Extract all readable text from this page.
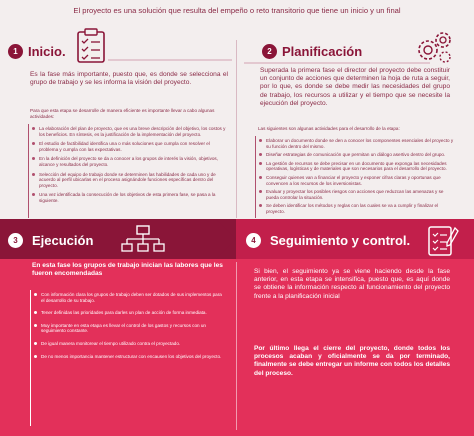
El proyecto es una solución que resulta del empeño o reto transitorio que tiene un inicio y un final
1 Inicio.
Es la fase más importante, puesto que, es donde se selecciona el grupo de trabajo y se les informa la visión del proyecto.
Para que esta etapa se desarrolle de manera eficiente es importante llevar a cabo algunas actividades:
La elaboración del plan de proyecto, que es una breve descripción del objetivo, los costos y los beneficios. En síntesis, es la justificación de la implementación del proyecto.
El estudio de factibilidad identifica una o más soluciones que cumpla con resolver el problema y cumpla con las expectativas.
En la definición del proyecto se da a conocer a los grupos de interés la visión, objetivos, alcance y resultados del proyecto.
Selección del equipo de trabajo donde se determinen las habilidades de cada uno y de acuerdo al perfil ubicarlas en el proceso asignándole funciones específicas dentro del proyecto.
Una vez identificada la consecución de los objetivos de esta primera fase, se pasa a la siguiente.
2 Planificación
Superada la primera fase el director del proyecto debe constituir un conjunto de acciones que determinen la hoja de ruta a seguir, por lo que, es donde se debe medir las necesidades del grupo de trabajo, los recursos a utilizar y el tiempo que se necesite la ejecución del proyecto.
Las siguientes son algunas actividades para el desarrollo de la etapa:
Elaborar un documento donde se den a conocer los componentes esenciales del proyecto y su función dentro del mismo.
Diseñar estrategias de comunicación que permitan un diálogo asertivo dentro del grupo.
La gestión de recursos se debe precisar en un documento que exponga las necesidades operativas, logísticas y de materiales que son necesarios para el desarrollo del proyecto.
Conseguir quienes van a financiar el proyecto y exponer cifras claras y oportunas que convencen a los recursos de los inversionistas.
Evaluar y proyectar los posibles riesgos con acciones que reduzcan las amenazas y se pueda controlar la situación.
Se deben identificar los métodos y reglas con las cuales se va a cumplir y finalizar el proyecto.
3	Ejecución
En esta fase los grupos de trabajo inician las labores que les fueron encomendadas
Con información clara los grupos de trabajo deben ser dotados de sus implementos para el desarrollo de su trabajo.
Tener definidas las prioridades para darles un plan de acción de forma inmediata.
Muy importante en esta etapa es llevar el control de los gastos y recursos con un seguimiento constante.
De igual manera monitorear el tiempo utilizado contra el proyectado.
De no menos importancia mantener estructurar con encausen los objetivos del proyecto.
4	Seguimiento y control.
Si bien, el seguimiento ya se viene haciendo desde la fase anterior, en esta etapa se intensifica, puesto que, es aquí donde se obtiene la información respecto al funcionamiento del proyecto frente a la planificación inicial
Por último llega el cierre del proyecto, donde todos los procesos acaban y oficialmente se da por terminado, finalmente se debe entregar un informe con todos los detalles del proceso.
